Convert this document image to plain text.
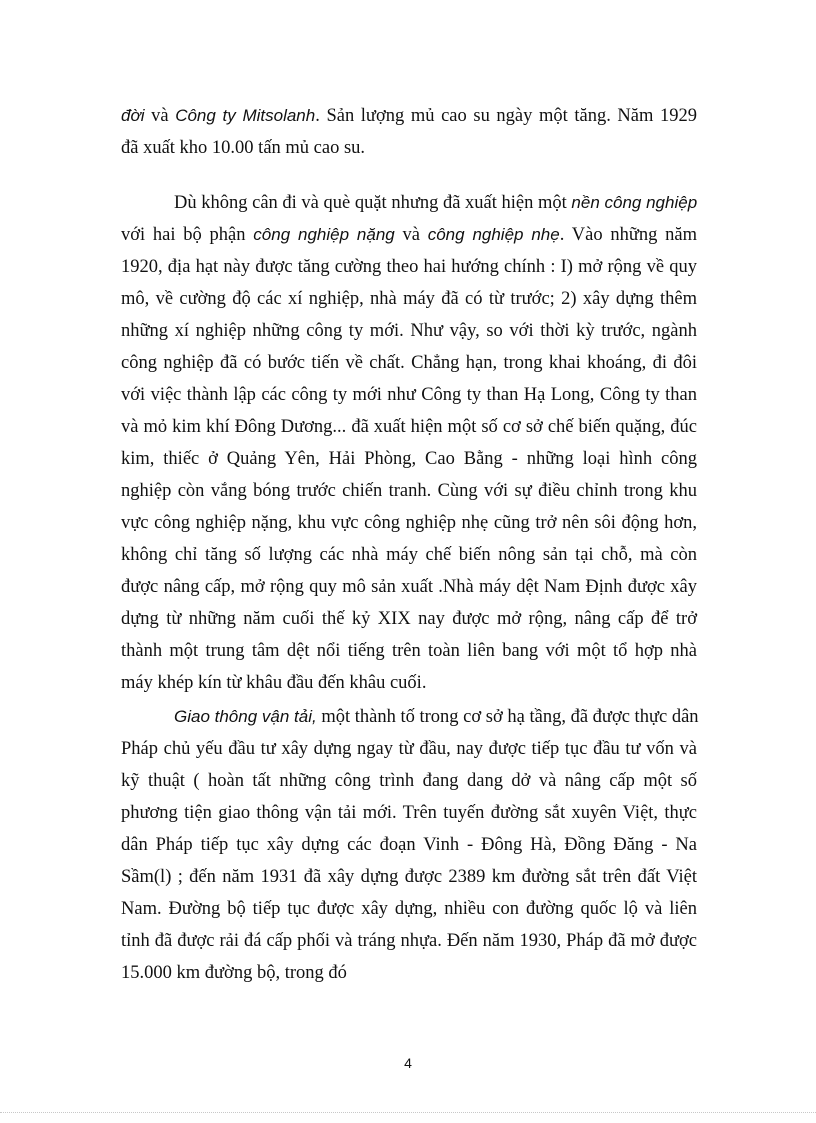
đời và Công ty Mitsolanh. Sản lượng mủ cao su ngày một tăng. Năm 1929
đã xuất kho 10.00 tấn mủ cao su.
Dù không cân đi và què quặt nhưng đã xuất hiện một nền công nghiệp
với hai bộ phận công nghiệp nặng và công nghiệp nhẹ. Vào những năm
1920, địa hạt này được tăng cường theo hai hướng chính : I) mở rộng về quy
mô, về cường độ các xí nghiệp, nhà máy đã có từ trước; 2) xây dựng thêm
những xí nghiệp những công ty mới. Như vậy, so với thời kỳ trước, ngành
công nghiệp đã có bước tiến về chất. Chẳng hạn, trong khai khoáng, đi đôi
với việc thành lập các công ty mới như Công ty than Hạ Long, Công ty than
và mỏ kim khí Đông Dương... đã xuất hiện một số cơ sở chế biến quặng, đúc
kim, thiếc ở Quảng Yên, Hải Phòng, Cao Bằng - những loại hình công
nghiệp còn vắng bóng trước chiến tranh. Cùng với sự điều chỉnh trong khu
vực công nghiệp nặng, khu vực công nghiệp nhẹ cũng trở nên sôi động hơn,
không chỉ tăng số lượng các nhà máy chế biến nông sản tại chỗ, mà còn
được nâng cấp, mở rộng quy mô sản xuất .Nhà máy dệt Nam Định được xây
dựng từ những năm cuối thế kỷ XIX nay được mở rộng, nâng cấp để trở
thành một trung tâm dệt nổi tiếng trên toàn liên bang với một tổ hợp nhà
máy khép kín từ khâu đầu đến khâu cuối.
Giao thông vận tải, một thành tố trong cơ sở hạ tầng, đã được thực dân
Pháp chủ yếu đầu tư xây dựng ngay từ đầu, nay được tiếp tục đầu tư vốn và
kỹ thuật ( hoàn tất những công trình đang dang dở và nâng cấp một số
phương tiện giao thông vận tải mới. Trên tuyến đường sắt xuyên Việt, thực
dân Pháp tiếp tục xây dựng các đoạn Vinh - Đông Hà, Đồng Đăng - Na
Sầm(l) ; đến năm 1931 đã xây dựng được 2389 km đường sắt trên đất Việt
Nam. Đường bộ tiếp tục được xây dựng, nhiều con đường quốc lộ và liên
tỉnh đã được rải đá cấp phối và tráng nhựa. Đến năm 1930, Pháp đã mở được
15.000 km đường bộ, trong đó
4
